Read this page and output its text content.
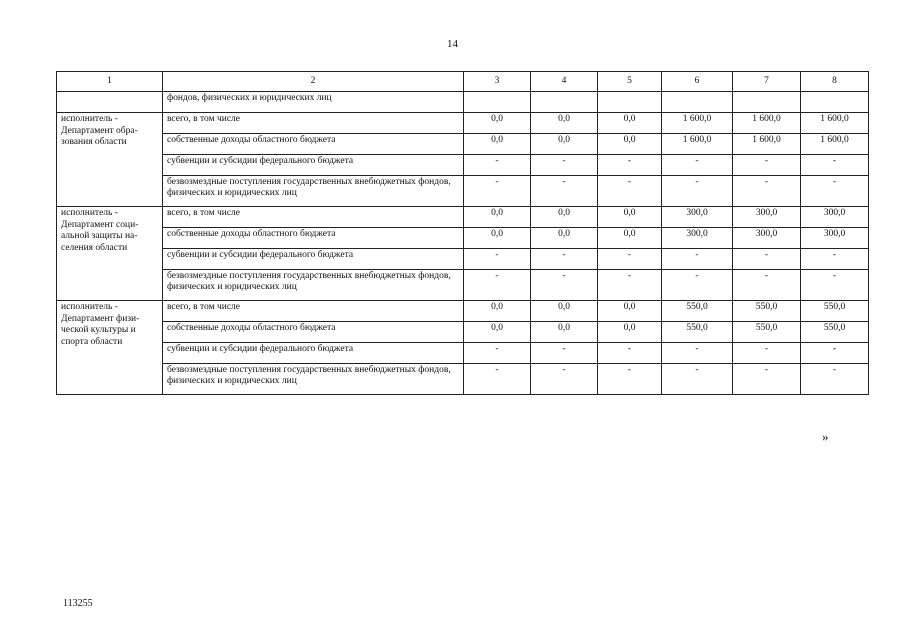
14
1	2	3	4	5	6	7	8
	фондов, физических и юридических лиц						
исполнитель - Департамент обра-зования области	всего, в том числе	0,0	0,0	0,0	1 600,0	1 600,0	1 600,0
	собственные доходы областного бюджета	0,0	0,0	0,0	1 600,0	1 600,0	1 600,0
	субвенции и субсидии федерального бюджета	-	-	-	-	-	-
	безвозмездные поступления государственных внебюджетных фондов, физических и юридических лиц	-	-	-	-	-	-
исполнитель - Департамент соци-альной защиты на-селения области	всего, в том числе	0,0	0,0	0,0	300,0	300,0	300,0
	собственные доходы областного бюджета	0,0	0,0	0,0	300,0	300,0	300,0
	субвенции и субсидии федерального бюджета	-	-	-	-	-	-
	безвозмездные поступления государственных внебюджетных фондов, физических и юридических лиц	-	-	-	-	-	-
исполнитель - Департамент физи-ческой культуры и спорта области	всего, в том числе	0,0	0,0	0,0	550,0	550,0	550,0
	собственные доходы областного бюджета	0,0	0,0	0,0	550,0	550,0	550,0
	субвенции и субсидии федерального бюджета	-	-	-	-	-	-
	безвозмездные поступления государственных внебюджетных фондов, физических и юридических лиц	-	-	-	-	-	-
»
113255
